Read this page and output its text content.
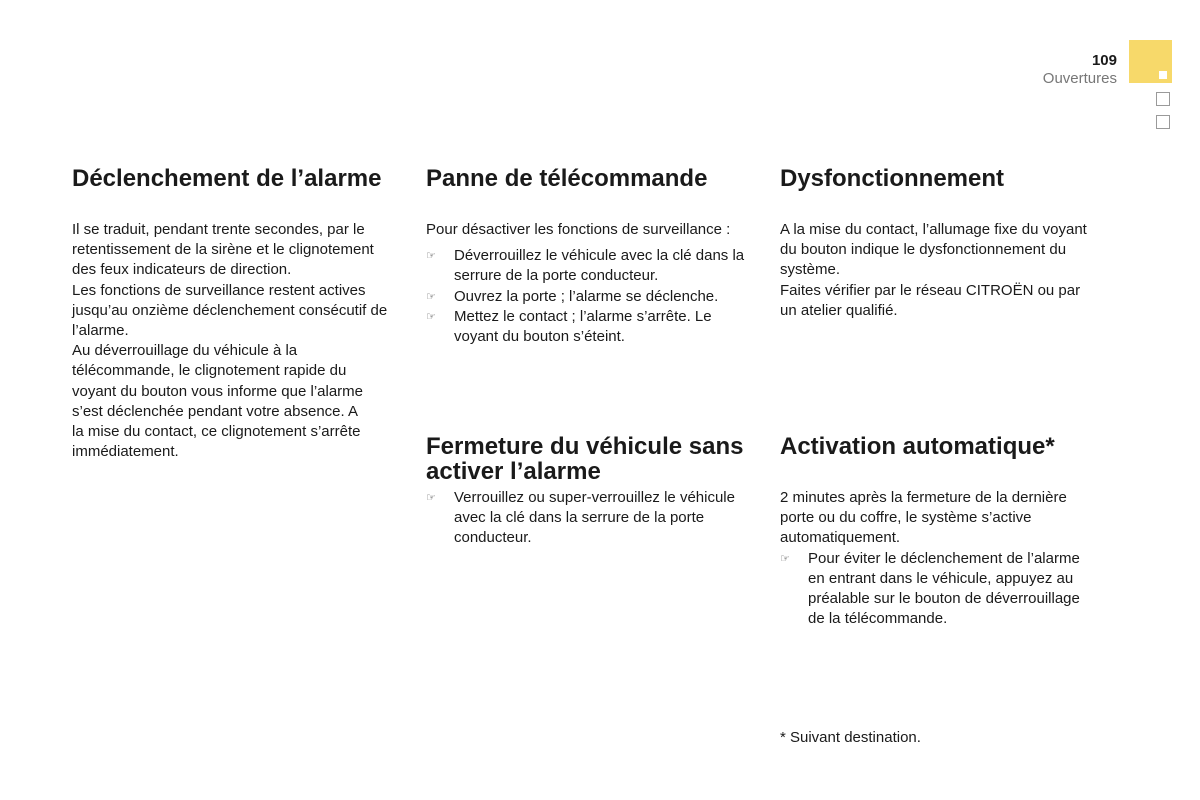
109
Ouvertures
Déclenchement de l’alarme
Il se traduit, pendant trente secondes, par le
retentissement de la sirène et le clignotement
des feux indicateurs de direction.
Les fonctions de surveillance restent actives
jusqu’au onzième déclenchement consécutif de
l’alarme.
Au déverrouillage du véhicule à la
télécommande, le clignotement rapide du
voyant du bouton vous informe que l’alarme
s’est déclenchée pendant votre absence. A
la mise du contact, ce clignotement s’arrête
immédiatement.
Panne de télécommande
Pour désactiver les fonctions de surveillance :
☞ Déverrouillez le véhicule avec la clé dans la
serrure de la porte conducteur.
☞ Ouvrez la porte ; l’alarme se déclenche.
☞ Mettez le contact ; l’alarme s’arrête. Le
voyant du bouton s’éteint.
Dysfonctionnement
A la mise du contact, l’allumage fixe du voyant
du bouton indique le dysfonctionnement du
système.
Faites vérifier par le réseau CITROËN ou par
un atelier qualifié.
Fermeture du véhicule sans
activer l’alarme
☞ Verrouillez ou super-verrouillez le véhicule
avec la clé dans la serrure de la porte
conducteur.
Activation automatique*
2 minutes après la fermeture de la dernière
porte ou du coffre, le système s’active
automatiquement.
☞ Pour éviter le déclenchement de l’alarme
en entrant dans le véhicule, appuyez au
préalable sur le bouton de déverrouillage
de la télécommande.
* Suivant destination.
